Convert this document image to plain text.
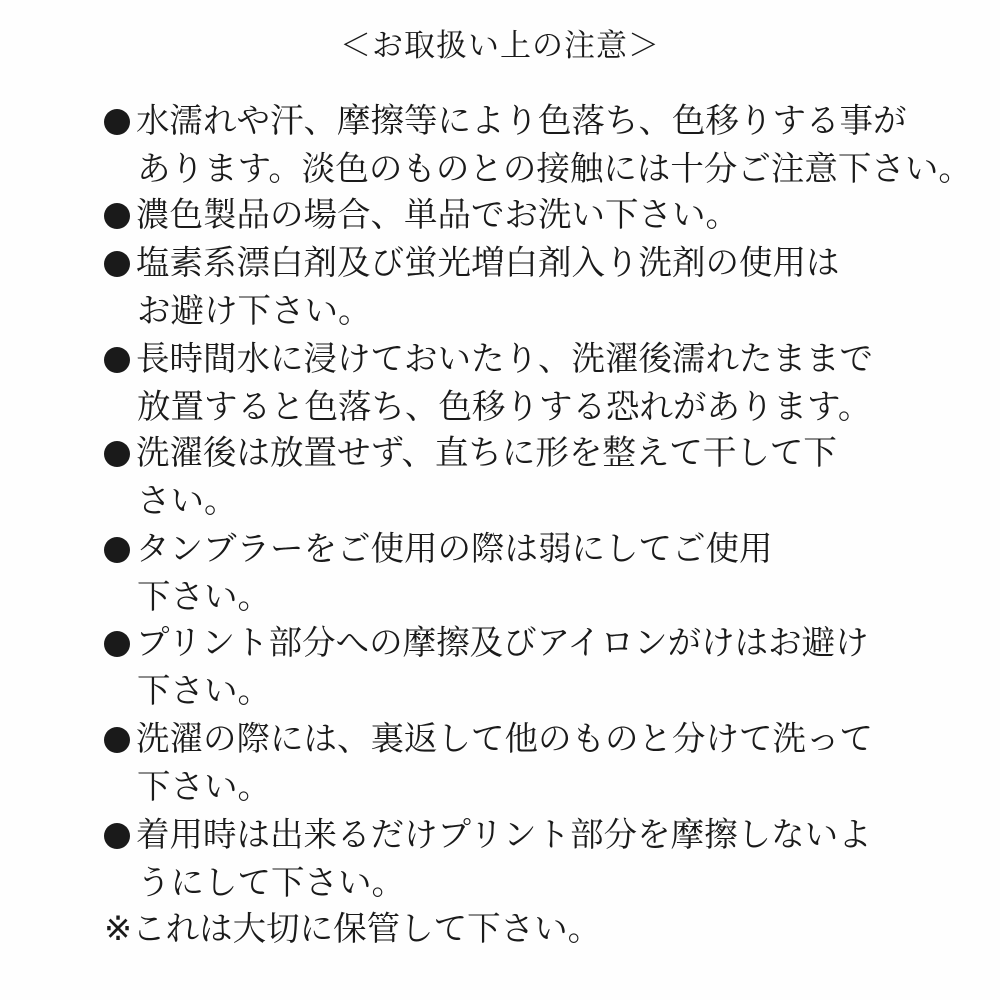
＜お取扱い上の注意＞
水濡れや汗、摩擦等により色落ち、色移りする事が
あります。淡色のものとの接触には十分ご注意下さい。
濃色製品の場合、単品でお洗い下さい。
塩素系漂白剤及び蛍光増白剤入り洗剤の使用は
お避け下さい。
長時間水に浸けておいたり、洗濯後濡れたままで
放置すると色落ち、色移りする恐れがあります。
洗濯後は放置せず、直ちに形を整えて干して下
さい。
タンブラーをご使用の際は弱にしてご使用
下さい。
プリント部分への摩擦及びアイロンがけはお避け
下さい。
洗濯の際には、裏返して他のものと分けて洗って
下さい。
着用時は出来るだけプリント部分を摩擦しないよ
うにして下さい。
※これは大切に保管して下さい。
